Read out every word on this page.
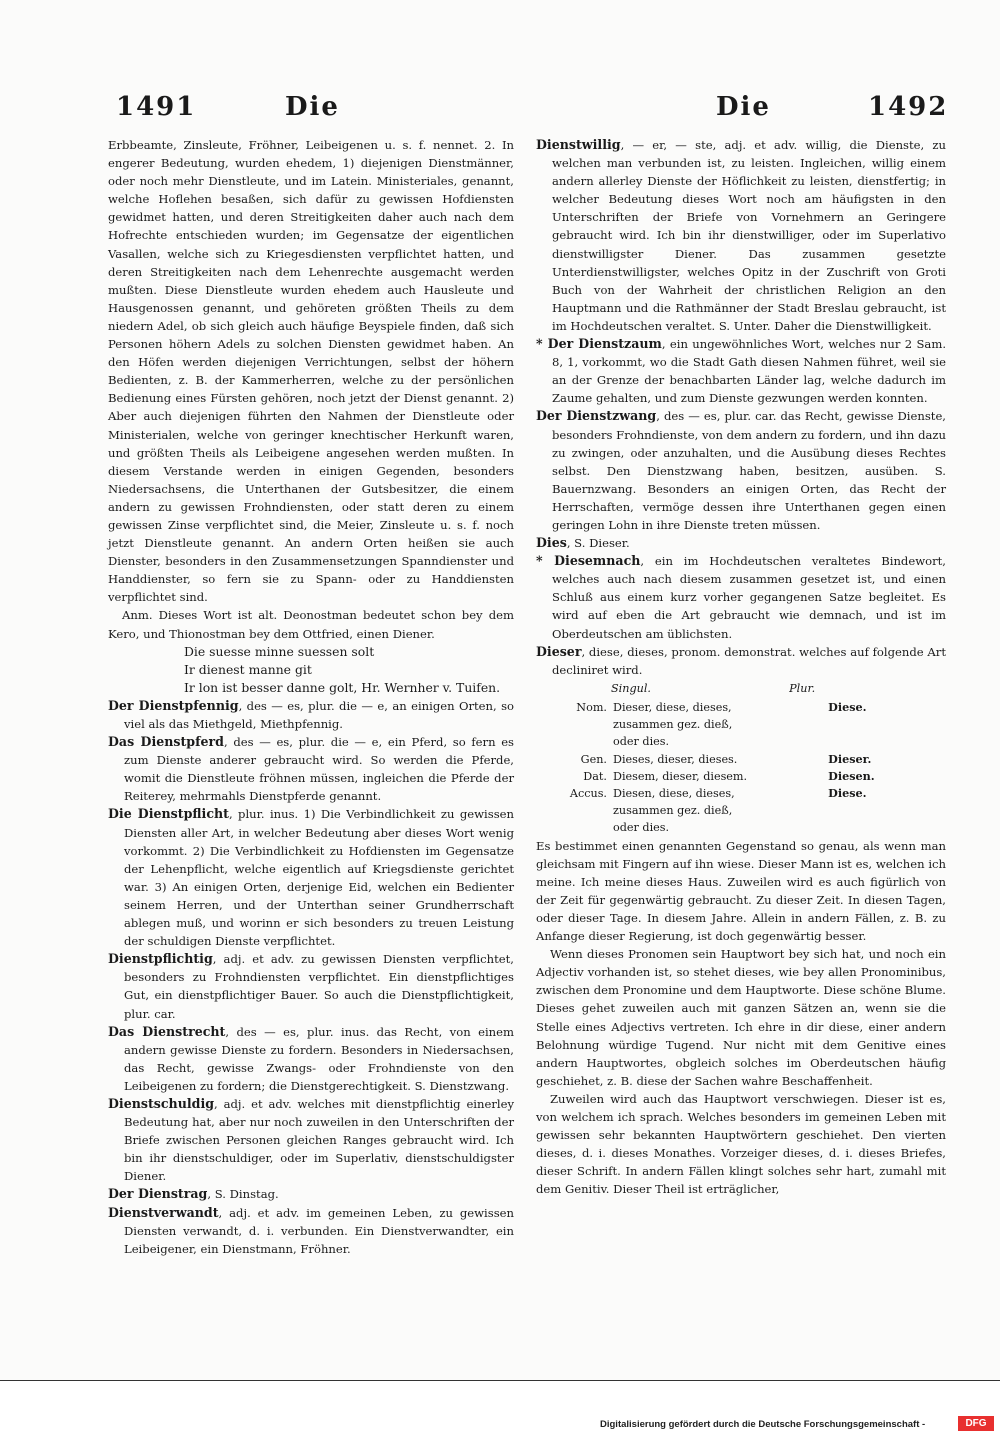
1491	Die	Die	1492

Erbbeamte, Zinsleute, Fröhner, Leibeigenen u. s. f. nennet. 2. In engerer Bedeutung, wurden ehedem, 1) diejenigen Dienstmänner, oder noch mehr Dienstleute, und im Latein. Ministeriales, genannt, welche Hoflehen besaßen, sich dafür zu gewissen Hofdiensten gewidmet hatten, und deren Streitigkeiten daher auch nach dem Hofrechte entschieden wurden; im Gegensatze der eigentlichen Vasallen, welche sich zu Kriegesdiensten verpflichtet hatten, und deren Streitigkeiten nach dem Lehenrechte ausgemacht werden mußten. Diese Dienstleute wurden ehedem auch Hausleute und Hausgenossen genannt, und gehöreten größten Theils zu dem niedern Adel, ob sich gleich auch häufige Beyspiele finden, daß sich Personen höhern Adels zu solchen Diensten gewidmet haben. An den Höfen werden diejenigen Verrichtungen, selbst der höhern Bedienten, z. B. der Kammerherren, welche zu der persönlichen Bedienung eines Fürsten gehören, noch jetzt der Dienst genannt. 2) Aber auch diejenigen führten den Nahmen der Dienstleute oder Ministerialen, welche von geringer knechtischer Herkunft waren, und größten Theils als Leibeigene angesehen werden mußten. In diesem Verstande werden in einigen Gegenden, besonders Niedersachsens, die Unterthanen der Gutsbesitzer, die einem andern zu gewissen Frohndiensten, oder statt deren zu einem gewissen Zinse verpflichtet sind, die Meier, Zinsleute u. s. f. noch jetzt Dienstleute genannt. An andern Orten heißen sie auch Dienster, besonders in den Zusammensetzungen Spanndienster und Handdienster, so fern sie zu Spann- oder zu Handdiensten verpflichtet sind.

Anm. Dieses Wort ist alt. Deonostman bedeutet schon bey dem Kero, und Thionostman bey dem Ottfried, einen Diener.

Die suesse minne suessen solt

Ir dienest manne git

Ir lon ist besser danne golt, Hr. Wernher v. Tuifen.

Der Dienstpfennig, des — es, plur. die — e, an einigen Orten, so viel als das Miethgeld, Miethpfennig.

Das Dienstpferd, des — es, plur. die — e, ein Pferd, so fern es zum Dienste anderer gebraucht wird. So werden die Pferde, womit die Dienstleute fröhnen müssen, ingleichen die Pferde der Reiterey, mehrmahls Dienstpferde genannt.

Die Dienstpflicht, plur. inus. 1) Die Verbindlichkeit zu gewissen Diensten aller Art, in welcher Bedeutung aber dieses Wort wenig vorkommt. 2) Die Verbindlichkeit zu Hofdiensten im Gegensatze der Lehenpflicht, welche eigentlich auf Kriegsdienste gerichtet war. 3) An einigen Orten, derjenige Eid, welchen ein Bedienter seinem Herren, und der Unterthan seiner Grundherrschaft ablegen muß, und worinn er sich besonders zu treuen Leistung der schuldigen Dienste verpflichtet.

Dienstpflichtig, adj. et adv. zu gewissen Diensten verpflichtet, besonders zu Frohndiensten verpflichtet. Ein dienstpflichtiges Gut, ein dienstpflichtiger Bauer. So auch die Dienstpflichtigkeit, plur. car.

Das Dienstrecht, des — es, plur. inus. das Recht, von einem andern gewisse Dienste zu fordern. Besonders in Niedersachsen, das Recht, gewisse Zwangs- oder Frohndienste von den Leibeigenen zu fordern; die Dienstgerechtigkeit. S. Dienstzwang.

Dienstschuldig, adj. et adv. welches mit dienstpflichtig einerley Bedeutung hat, aber nur noch zuweilen in den Unterschriften der Briefe zwischen Personen gleichen Ranges gebraucht wird. Ich bin ihr dienstschuldiger, oder im Superlativ, dienstschuldigster Diener.

Der Dienstrag, S. Dinstag.

Dienstverwandt, adj. et adv. im gemeinen Leben, zu gewissen Diensten verwandt, d. i. verbunden. Ein Dienstverwandter, ein Leibeigener, ein Dienstmann, Fröhner.

Dienstwillig, — er, — ste, adj. et adv. willig, die Dienste, zu welchen man verbunden ist, zu leisten. Ingleichen, willig einem andern allerley Dienste der Höflichkeit zu leisten, dienstfertig; in welcher Bedeutung dieses Wort noch am häufigsten in den Unterschriften der Briefe von Vornehmern an Geringere gebraucht wird. Ich bin ihr dienstwilliger, oder im Superlativo dienstwilligster Diener. Das zusammen gesetzte Unterdienstwilligster, welches Opitz in der Zuschrift von Groti Buch von der Wahrheit der christlichen Religion an den Hauptmann und die Rathmänner der Stadt Breslau gebraucht, ist im Hochdeutschen veraltet. S. Unter. Daher die Dienstwilligkeit.

* Der Dienstzaum, ein ungewöhnliches Wort, welches nur 2 Sam. 8, 1, vorkommt, wo die Stadt Gath diesen Nahmen führet, weil sie an der Grenze der benachbarten Länder lag, welche dadurch im Zaume gehalten, und zum Dienste gezwungen werden konnten.

Der Dienstzwang, des — es, plur. car. das Recht, gewisse Dienste, besonders Frohndienste, von dem andern zu fordern, und ihn dazu zu zwingen, oder anzuhalten, und die Ausübung dieses Rechtes selbst. Den Dienstzwang haben, besitzen, ausüben. S. Bauernzwang. Besonders an einigen Orten, das Recht der Herrschaften, vermöge dessen ihre Unterthanen gegen einen geringen Lohn in ihre Dienste treten müssen.

Dies, S. Dieser.

* Diesemnach, ein im Hochdeutschen veraltetes Bindewort, welches auch nach diesem zusammen gesetzet ist, und einen Schluß aus einem kurz vorher gegangenen Satze begleitet. Es wird auf eben die Art gebraucht wie demnach, und ist im Oberdeutschen am üblichsten.

Dieser, diese, dieses, pronom. demonstrat. welches auf folgende Art decliniret wird.

	Singul.	Plur.
Nom.	Dieser, diese, dieses,	Diese.
	zusammen gez. dieß,	
	oder dies.	
Gen.	Dieses, dieser, dieses.	Dieser.
Dat.	Diesem, dieser, diesem.	Diesen.
Accus.	Diesen, diese, dieses,	Diese.
	zusammen gez. dieß,	
	oder dies.	

Es bestimmet einen genannten Gegenstand so genau, als wenn man gleichsam mit Fingern auf ihn wiese. Dieser Mann ist es, welchen ich meine. Ich meine dieses Haus. Zuweilen wird es auch figürlich von der Zeit für gegenwärtig gebraucht. Zu dieser Zeit. In diesen Tagen, oder dieser Tage. In diesem Jahre. Allein in andern Fällen, z. B. zu Anfange dieser Regierung, ist doch gegenwärtig besser.

Wenn dieses Pronomen sein Hauptwort bey sich hat, und noch ein Adjectiv vorhanden ist, so stehet dieses, wie bey allen Pronominibus, zwischen dem Pronomine und dem Hauptworte. Diese schöne Blume. Dieses gehet zuweilen auch mit ganzen Sätzen an, wenn sie die Stelle eines Adjectivs vertreten. Ich ehre in dir diese, einer andern Belohnung würdige Tugend. Nur nicht mit dem Genitive eines andern Hauptwortes, obgleich solches im Oberdeutschen häufig geschiehet, z. B. diese der Sachen wahre Beschaffenheit.

Zuweilen wird auch das Hauptwort verschwiegen. Dieser ist es, von welchem ich sprach. Welches besonders im gemeinen Leben mit gewissen sehr bekannten Hauptwörtern geschiehet. Den vierten dieses, d. i. dieses Monathes. Vorzeiger dieses, d. i. dieses Briefes, dieser Schrift. In andern Fällen klingt solches sehr hart, zumahl mit dem Genitiv. Dieser Theil ist erträglicher,

Digitalisierung gefördert durch die Deutsche Forschungsgemeinschaft -	DFG
